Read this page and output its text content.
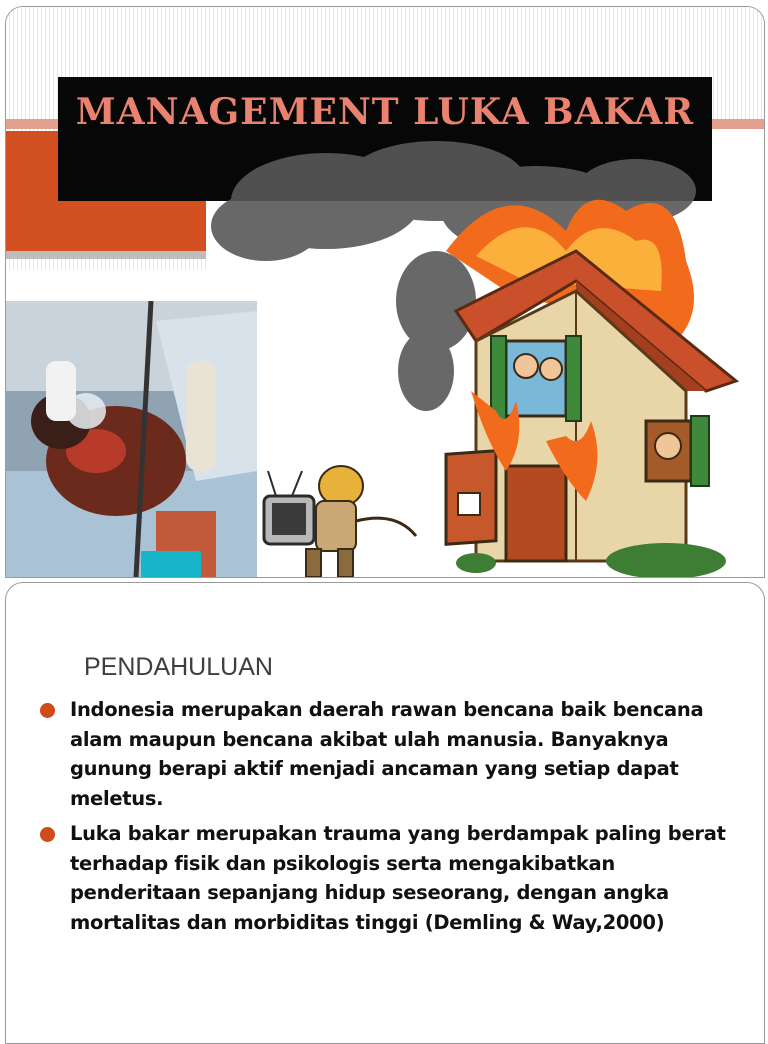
MANAGEMENT LUKA BAKAR
PENDAHULUAN
Indonesia merupakan daerah rawan bencana baik bencana alam maupun bencana akibat ulah manusia. Banyaknya gunung berapi aktif menjadi ancaman yang setiap dapat meletus.
Luka bakar merupakan trauma yang berdampak paling berat terhadap fisik dan psikologis serta mengakibatkan penderitaan sepanjang hidup seseorang, dengan angka mortalitas dan morbiditas tinggi (Demling & Way,2000)
